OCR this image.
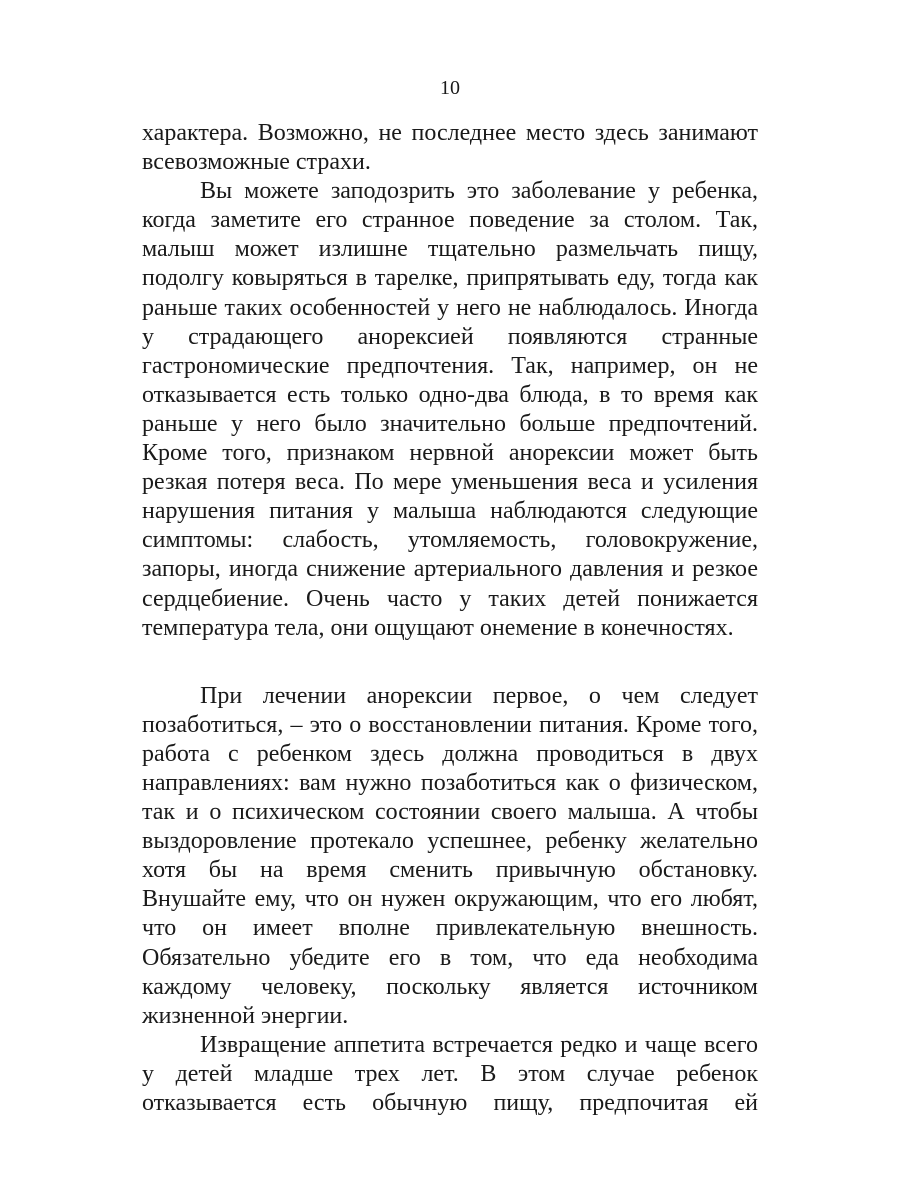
10

характера. Возможно, не последнее место здесь занимают
всевозможные страхи.

Вы можете заподозрить это заболевание у ребенка,
когда заметите его странное поведение за столом. Так,
малыш может излишне тщательно размельчать пищу,
подолгу ковыряться в тарелке, припрятывать еду, тогда как
раньше таких особенностей у него не наблюдалось. Иногда
у страдающего анорексией появляются странные
гастрономические предпочтения. Так, например, он не
отказывается есть только одно-два блюда, в то время как
раньше у него было значительно больше предпочтений.
Кроме того, признаком нервной анорексии может быть
резкая потеря веса. По мере уменьшения веса и усиления
нарушения питания у малыша наблюдаются следующие
симптомы: слабость, утомляемость, головокружение,
запоры, иногда снижение артериального давления и резкое
сердцебиение. Очень часто у таких детей понижается
температура тела, они ощущают онемение в конечностях.

При лечении анорексии первое, о чем следует
позаботиться, – это о восстановлении питания. Кроме того,
работа с ребенком здесь должна проводиться в двух
направлениях: вам нужно позаботиться как о физическом,
так и о психическом состоянии своего малыша. А чтобы
выздоровление протекало успешнее, ребенку желательно
хотя бы на время сменить привычную обстановку.
Внушайте ему, что он нужен окружающим, что его любят,
что он имеет вполне привлекательную внешность.
Обязательно убедите его в том, что еда необходима
каждому человеку, поскольку является источником
жизненной энергии.

Извращение аппетита встречается редко и чаще всего
у детей младше трех лет. В этом случае ребенок
отказывается есть обычную пищу, предпочитая ей
